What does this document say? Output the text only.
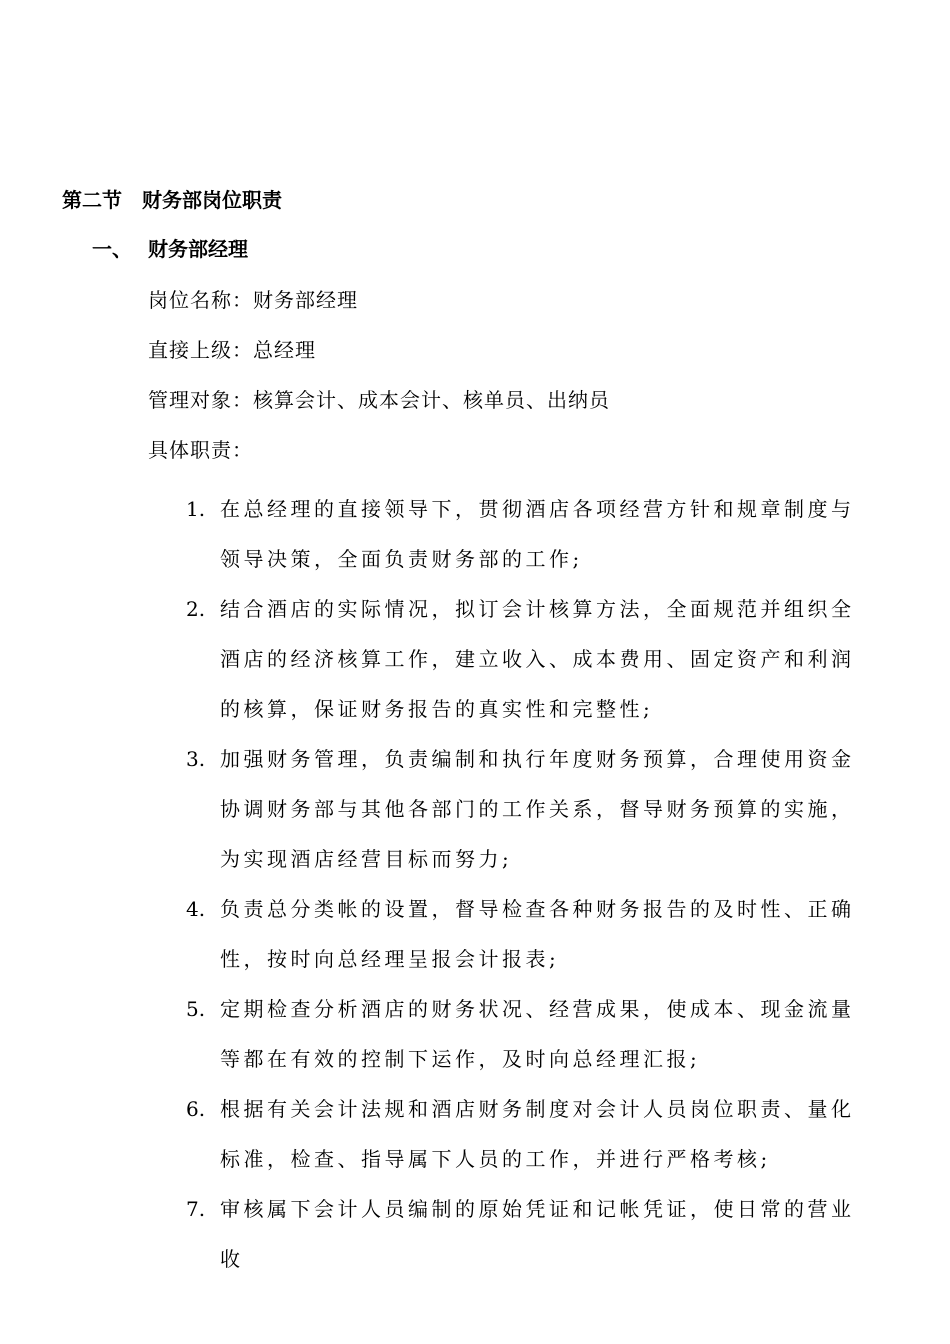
第二节 财务部岗位职责
一、 财务部经理
岗位名称：财务部经理
直接上级：总经理
管理对象：核算会计、成本会计、核单员、出纳员
具体职责：
1. 在总经理的直接领导下，贯彻酒店各项经营方针和规章制度与领导决策，全面负责财务部的工作;
2. 结合酒店的实际情况，拟订会计核算方法，全面规范并组织全酒店的经济核算工作，建立收入、成本费用、固定资产和利润的核算，保证财务报告的真实性和完整性;
3. 加强财务管理，负责编制和执行年度财务预算，合理使用资金协调财务部与其他各部门的工作关系，督导财务预算的实施，为实现酒店经营目标而努力;
4. 负责总分类帐的设置，督导检查各种财务报告的及时性、正确性，按时向总经理呈报会计报表;
5. 定期检查分析酒店的财务状况、经营成果，使成本、现金流量等都在有效的控制下运作，及时向总经理汇报;
6. 根据有关会计法规和酒店财务制度对会计人员岗位职责、量化标准，检查、指导属下人员的工作，并进行严格考核;
7. 审核属下会计人员编制的原始凭证和记帐凭证，使日常的营业收
